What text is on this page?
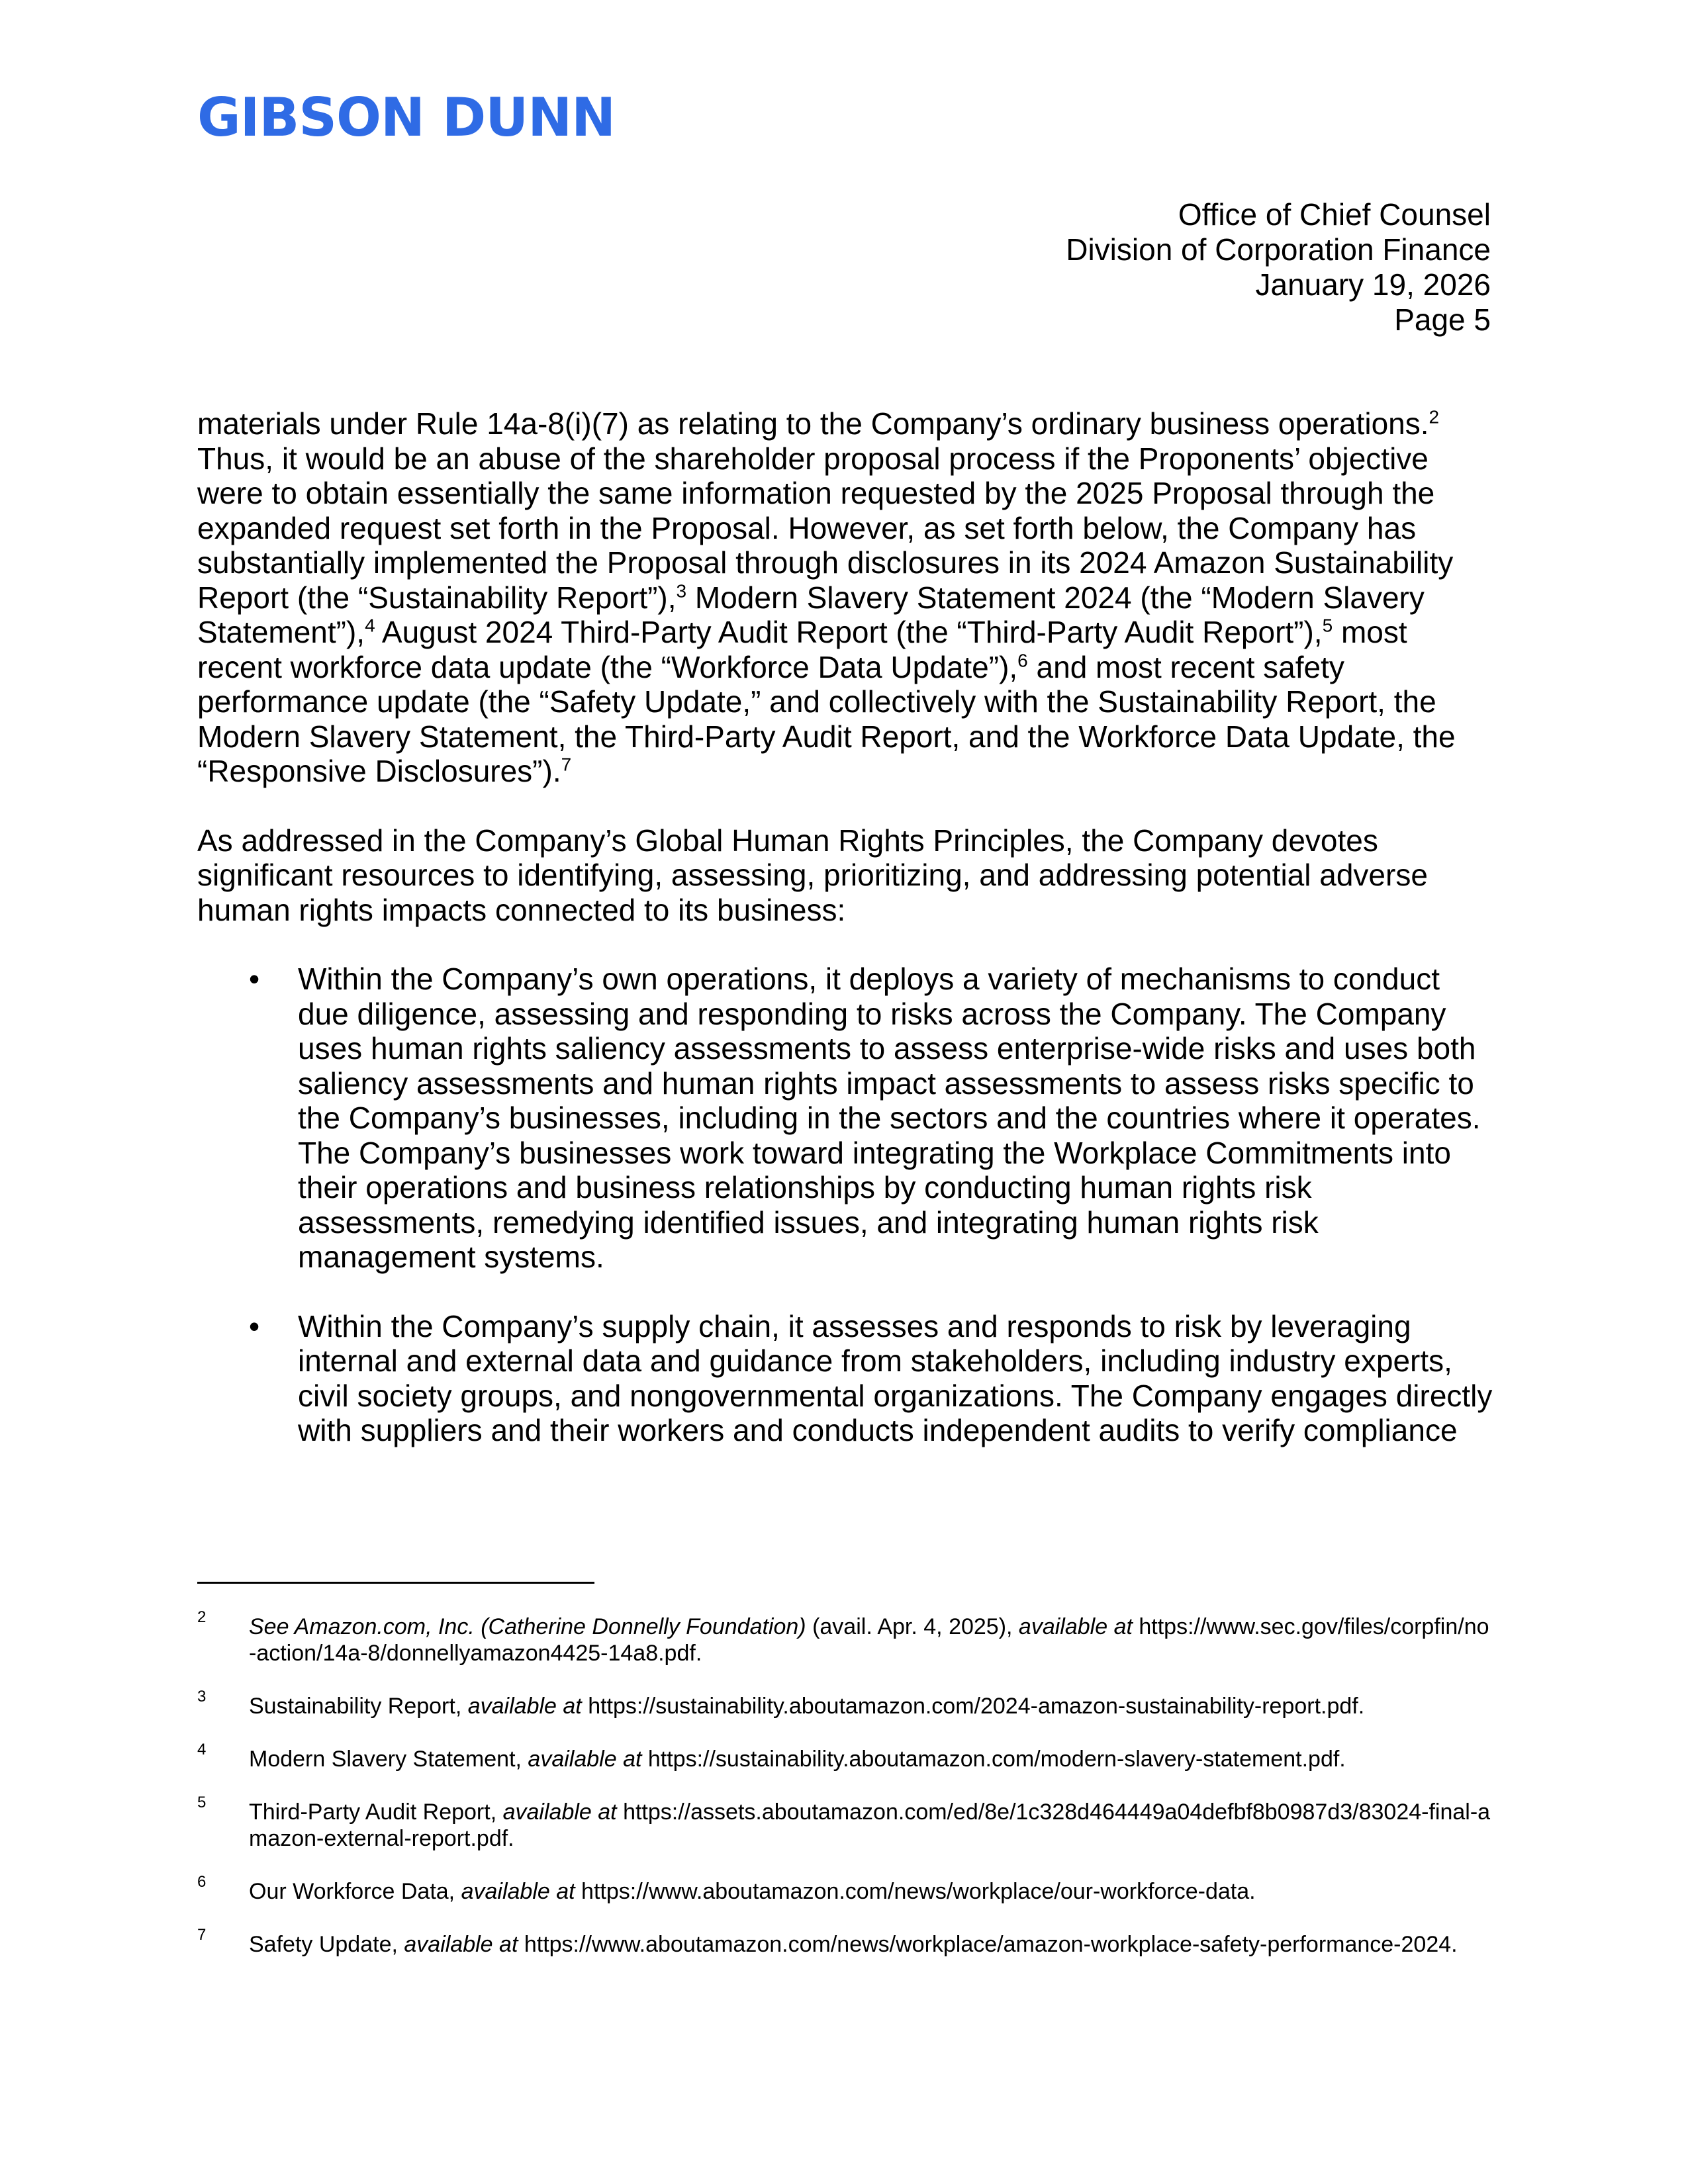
GIBSON DUNN
Office of Chief Counsel
Division of Corporation Finance
January 19, 2026
Page 5

materials under Rule 14a-8(i)(7) as relating to the Company’s ordinary business operations.$^2$ Thus, it would be an abuse of the shareholder proposal process if the Proponents’ objective were to obtain essentially the same information requested by the 2025 Proposal through the expanded request set forth in the Proposal. However, as set forth below, the Company has substantially implemented the Proposal through disclosures in its 2024 Amazon Sustainability Report (the “Sustainability Report”),$^3$ Modern Slavery Statement 2024 (the “Modern Slavery Statement”),$^4$ August 2024 Third-Party Audit Report (the “Third-Party Audit Report”),$^5$ most recent workforce data update (the “Workforce Data Update”),$^6$ and most recent safety performance update (the “Safety Update,” and collectively with the Sustainability Report, the Modern Slavery Statement, the Third-Party Audit Report, and the Workforce Data Update, the “Responsive Disclosures”).$^7$

As addressed in the Company’s Global Human Rights Principles, the Company devotes significant resources to identifying, assessing, prioritizing, and addressing potential adverse human rights impacts connected to its business:

• Within the Company’s own operations, it deploys a variety of mechanisms to conduct due diligence, assessing and responding to risks across the Company. The Company uses human rights saliency assessments to assess enterprise-wide risks and uses both saliency assessments and human rights impact assessments to assess risks specific to the Company’s businesses, including in the sectors and the countries where it operates. The Company’s businesses work toward integrating the Workplace Commitments into their operations and business relationships by conducting human rights risk assessments, remedying identified issues, and integrating human rights risk management systems.
• Within the Company’s supply chain, it assesses and responds to risk by leveraging internal and external data and guidance from stakeholders, including industry experts, civil society groups, and nongovernmental organizations. The Company engages directly with suppliers and their workers and conducts independent audits to verify compliance
2 See Amazon.com, Inc. (Catherine Donnelly Foundation) (avail. Apr. 4, 2025), available at https://www.sec.gov/files/corpfin/no-action/14a-8/donnellyamazon4425-14a8.pdf.
3 Sustainability Report, available at https://sustainability.aboutamazon.com/2024-amazon-sustainability-report.pdf.
4 Modern Slavery Statement, available at https://sustainability.aboutamazon.com/modern-slavery-statement.pdf.
5 Third-Party Audit Report, available at https://assets.aboutamazon.com/ed/8e/1c328d464449a04defbf8b0987d3/83024-final-amazon-external-report.pdf.
6 Our Workforce Data, available at https://www.aboutamazon.com/news/workplace/our-workforce-data.
7 Safety Update, available at https://www.aboutamazon.com/news/workplace/amazon-workplace-safety-performance-2024.
